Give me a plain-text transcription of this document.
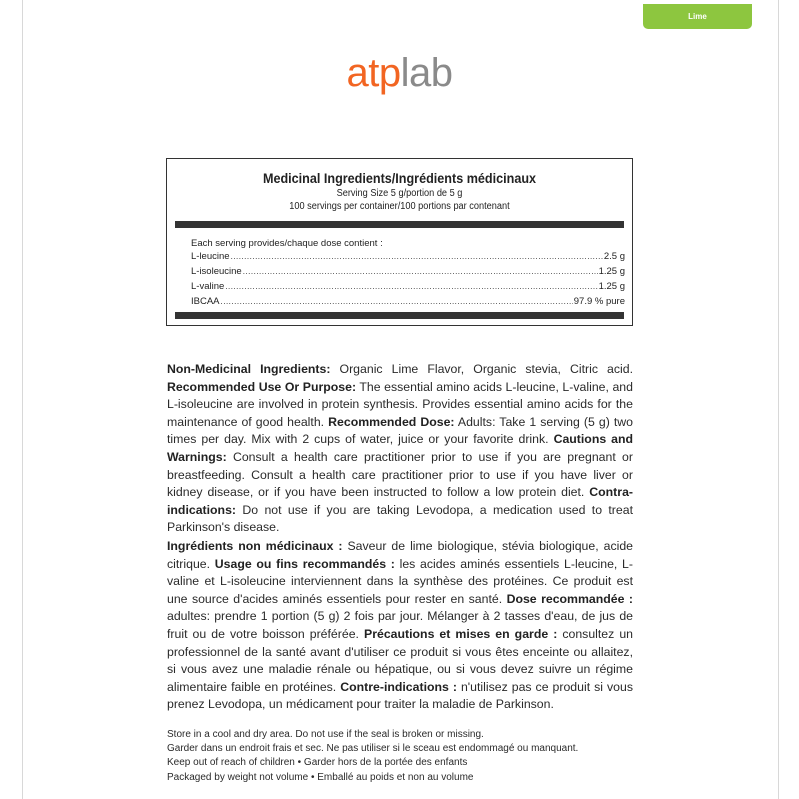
Lime
atplab
Medicinal Ingredients/Ingrédients médicinaux
Serving Size 5 g/portion de 5 g
100 servings per container/100 portions par contenant
Each serving provides/chaque dose contient :
L-leucine .....	2.5 g
L-isoleucine .....	1.25 g
L-valine .....	1.25 g
IBCAA .....	97.9 % pure
Non-Medicinal Ingredients: Organic Lime Flavor, Organic stevia, Citric acid. Recommended Use Or Purpose: The essential amino acids L-leucine, L-valine, and L-isoleucine are involved in protein synthesis. Provides essential amino acids for the maintenance of good health. Recommended Dose: Adults: Take 1 serving (5 g) two times per day. Mix with 2 cups of water, juice or your favorite drink. Cautions and Warnings: Consult a health care practitioner prior to use if you are pregnant or breastfeeding. Consult a health care practitioner prior to use if you have liver or kidney disease, or if you have been instructed to follow a low protein diet. Contra-indications: Do not use if you are taking Levodopa, a medication used to treat Parkinson's disease.
Ingrédients non médicinaux : Saveur de lime biologique, stévia biologique, acide citrique. Usage ou fins recommandés : les acides aminés essentiels L-leucine, L-valine et L-isoleucine interviennent dans la synthèse des protéines. Ce produit est une source d'acides aminés essentiels pour rester en santé. Dose recommandée : adultes: prendre 1 portion (5 g) 2 fois par jour. Mélanger à 2 tasses d'eau, de jus de fruit ou de votre boisson préférée. Précautions et mises en garde : consultez un professionnel de la santé avant d'utiliser ce produit si vous êtes enceinte ou allaitez, si vous avez une maladie rénale ou hépatique, ou si vous devez suivre un régime alimentaire faible en protéines. Contre-indications : n'utilisez pas ce produit si vous prenez Levodopa, un médicament pour traiter la maladie de Parkinson.
Store in a cool and dry area. Do not use if the seal is broken or missing.
Garder dans un endroit frais et sec. Ne pas utiliser si le sceau est endommagé ou manquant.
Keep out of reach of children • Garder hors de la portée des enfants
Packaged by weight not volume • Emballé au poids et non au volume
